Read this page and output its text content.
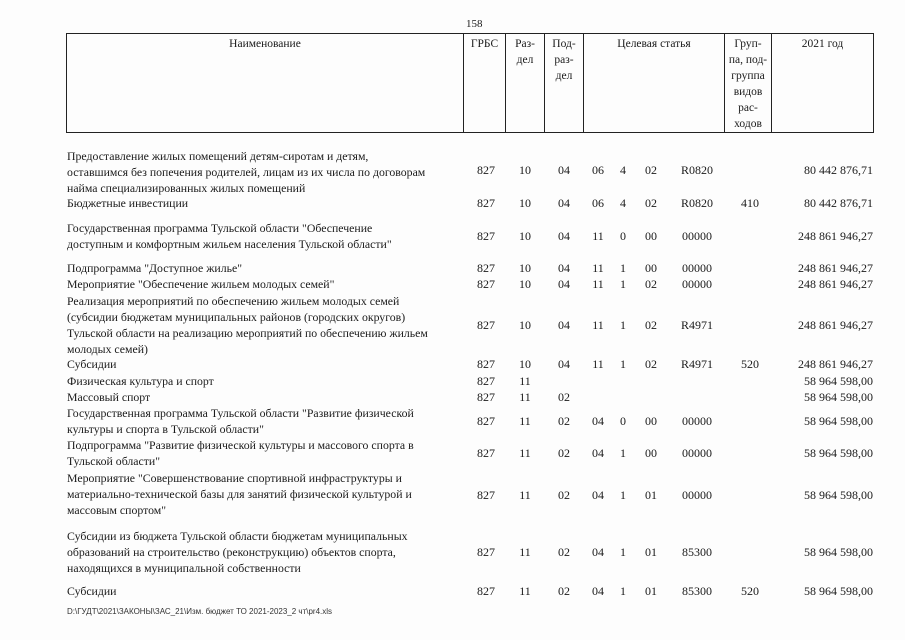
158
Наименование	ГРБС	Раз-
дел

Под-
раз-
дел
	Целевая статья	Груп-
па, под-
группа
видов
рас-
ходов
	2021 год
Предоставление жилых помещений детям-сиротам и детям,
оставшимся без попечения родителей, лицам из их числа по договорам
найма специализированных жилых помещений
827	10	04	06	4	02	R0820	80 442 876,71
Бюджетные инвестиции	827	10	04	06	4	02	R0820	410	80 442 876,71
Государственная программа Тульской области "Обеспечение
доступным и комфортным жильем населения Тульской области"
827	10	04	11	0	00	00000	248 861 946,27
Подпрограмма "Доступное жилье"	827	10	04	11	1	00	00000	248 861 946,27
Мероприятие "Обеспечение жильем молодых семей"	827	10	04	11	1	02	00000	248 861 946,27
Реализация мероприятий по обеспечению жильем молодых семей
(субсидии бюджетам муниципальных районов (городских округов)
Тульской области на реализацию мероприятий по обеспечению жильем
молодых семей)
827	10	04	11	1	02	R4971	248 861 946,27
Субсидии	827	10	04	11	1	02	R4971	520	248 861 946,27
Физическая культура и спорт	827	11	58 964 598,00
Массовый спорт	827	11	02	58 964 598,00
Государственная программа Тульской области "Развитие физической
культуры и спорта в Тульской области"
827	11	02	04	0	00	00000	58 964 598,00
Подпрограмма "Развитие физической культуры и массового спорта в
Тульской области"
827	11	02	04	1	00	00000	58 964 598,00
Мероприятие "Совершенствование спортивной инфраструктуры и
материально-технической базы для занятий физической культурой и
массовым спортом"
827	11	02	04	1	01	00000	58 964 598,00
Субсидии из бюджета Тульской области бюджетам муниципальных
образований на строительство (реконструкцию) объектов спорта,
находящихся в муниципальной собственности
827	11	02	04	1	01	85300	58 964 598,00
Субсидии	827	11	02	04	1	01	85300	520	58 964 598,00
D:\ГУДТ\2021\ЗАКОНЫ\ЗАС_21\Изм. бюджет ТО 2021-2023_2 чт\pr4.xls
